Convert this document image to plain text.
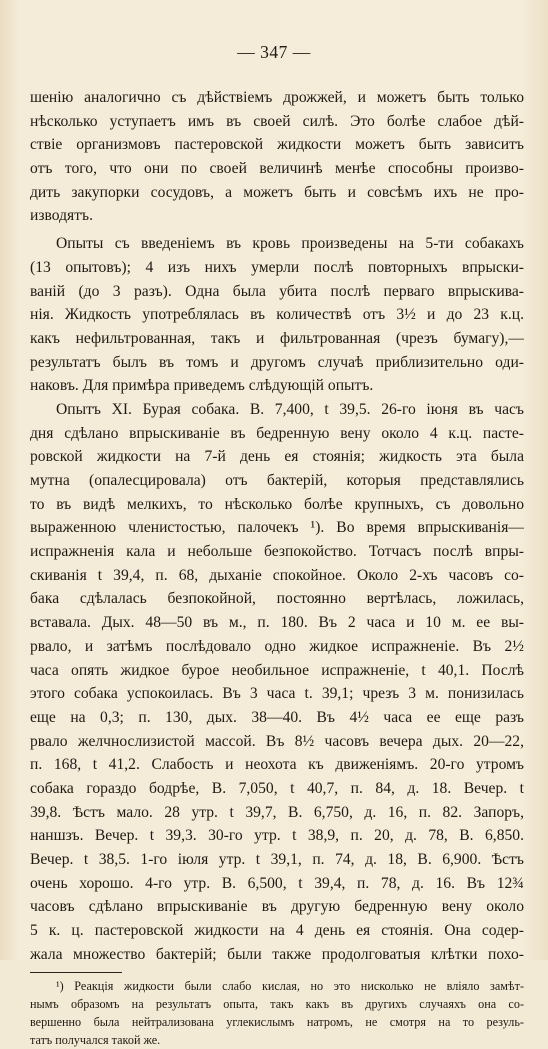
— 347 —
шенію аналогично съ дѣйствіемъ дрожжей, и можетъ быть только
нѣсколько уступаетъ имъ въ своей силѣ. Это болѣе слабое дѣй-
ствіе организмовъ пастеровской жидкости можетъ быть зависитъ
отъ того, что они по своей величинѣ менѣе способны произво-
дить закупорки сосудовъ, а можетъ быть и совсѣмъ ихъ не про-
изводятъ.
Опыты съ введеніемъ въ кровь произведены на 5-ти собакахъ
(13 опытовъ); 4 изъ нихъ умерли послѣ повторныхъ впрыски-
ваній (до 3 разъ). Одна была убита послѣ перваго впрыскива-
нія. Жидкость употреблялась въ количествѣ отъ 3½ и до 23 к.ц.
какъ нефильтрованная, такъ и фильтрованная (чрезъ бумагу),—
результатъ былъ въ томъ и другомъ случаѣ приблизительно оди-
наковъ. Для примѣра приведемъ слѣдующій опытъ.
Опытъ XI. Бурая собака. В. 7,400, t 39,5. 26-го іюня въ часъ
дня сдѣлано впрыскиваніе въ бедренную вену около 4 к.ц. пасте-
ровской жидкости на 7-й день ея стоянія; жидкость эта была
мутна (опалесцировала) отъ бактерій, которыя представлялись
то въ видѣ мелкихъ, то нѣсколько болѣе крупныхъ, съ довольно
выраженною членистостью, палочекъ ¹). Во время впрыскиванія—
испражненія кала и небольше безпокойство. Тотчасъ послѣ впры-
скиванія t 39,4, п. 68, дыханіе спокойное. Около 2-хъ часовъ со-
бака сдѣлалась безпокойной, постоянно вертѣлась, ложилась,
вставала. Дых. 48—50 въ м., п. 180. Въ 2 часа и 10 м. ее вы-
рвало, и затѣмъ послѣдовало одно жидкое испражненіе. Въ 2½
часа опять жидкое бурое необильное испражненіе, t 40,1. Послѣ
этого собака успокоилась. Въ 3 часа t. 39,1; чрезъ 3 м. понизилась
еще на 0,3; п. 130, дых. 38—40. Въ 4½ часа ее еще разъ
рвало желчнослизистой массой. Въ 8½ часовъ вечера дых. 20—22,
п. 168, t 41,2. Слабость и неохота къ движеніямъ. 20-го утромъ
собака гораздо бодрѣе, В. 7,050, t 40,7, п. 84, д. 18. Вечер. t
39,8. Ѣстъ мало. 28 утр. t 39,7, В. 6,750, д. 16, п. 82. Запоръ,
наншзъ. Вечер. t 39,3. 30-го утр. t 38,9, п. 20, д. 78, В. 6,850.
Вечер. t 38,5. 1-го іюля утр. t 39,1, п. 74, д. 18, В. 6,900. Ѣстъ
очень хорошо. 4-го утр. В. 6,500, t 39,4, п. 78, д. 16. Въ 12¾
часовъ сдѣлано впрыскиваніе въ другую бедренную вену около
5 к. ц. пастеровской жидкости на 4 день ея стоянія. Она содер-
жала множество бактерій; были также продолговатыя клѣтки похо-
¹) Реакція жидкости были слабо кислая, но это нисколько не вліяло замѣт-
нымъ образомъ на результатъ опыта, такъ какъ въ другихъ случаяхъ она со-
вершенно была нейтрализована углекислымъ натромъ, не смотря на то резуль-
татъ получался такой же.
